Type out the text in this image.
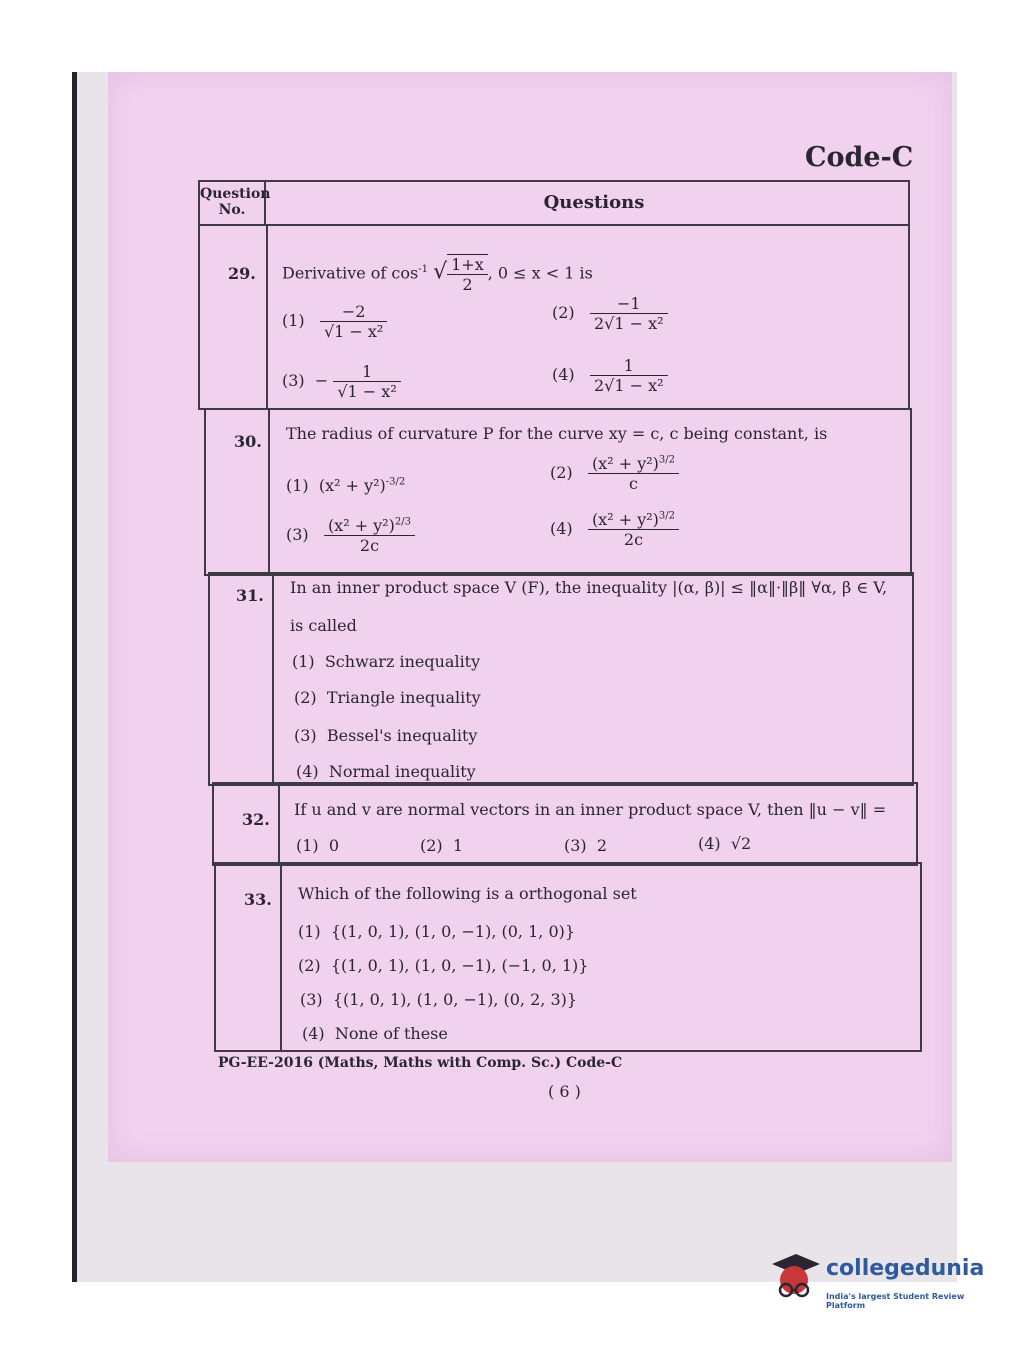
Code-C
Question No.	Questions
29. Derivative of $\cos^{-1}$ √ $\frac{1+x}{2}$ , 0 ≤ x < 1 is
$(1) \frac{-2}{\text{√1 − x²}}$	$(2) \frac{-1}{\text{2√1 − x²}}$
$(3) - \frac{1}{\text{√1 − x²}}$	$(4) \frac{1}{\text{2√1 − x²}}$
30. The radius of curvature P for the curve xy = c, c being constant, is
(1) $(x^2 + y^2)^{-3/2}$
$(2) \frac{(x^2 + y^2)^{3/2}}{c}$
$(3) \frac{(x^2 + y^2)^{2/3}}{2c}$	$(4) \frac{(x^2 + y^2)^{3/2}}{2c}$
31. In an inner product space V (F), the inequality |(α, β)| ≤ ‖α‖·‖β‖ ∀α, β ∈ V,
is called
(1) Schwarz inequality
(2) Triangle inequality
(3) Bessel's inequality
(4) Normal inequality
32.
If u and v are normal vectors in an inner product space V, then ‖u − v‖ =
(1) 0	(2) 1	(3) 2	(4) √2
33. Which of the following is a orthogonal set
(1) {(1, 0, 1), (1, 0, −1), (0, 1, 0)}
(2) {(1, 0, 1), (1, 0, −1), (−1, 0, 1)}
(3) {(1, 0, 1), (1, 0, −1), (0, 2, 3)}
(4) None of these
PG-EE-2016 (Maths, Maths with Comp. Sc.) Code-C
( 6 )
collegedunia
India's largest Student Review Platform
